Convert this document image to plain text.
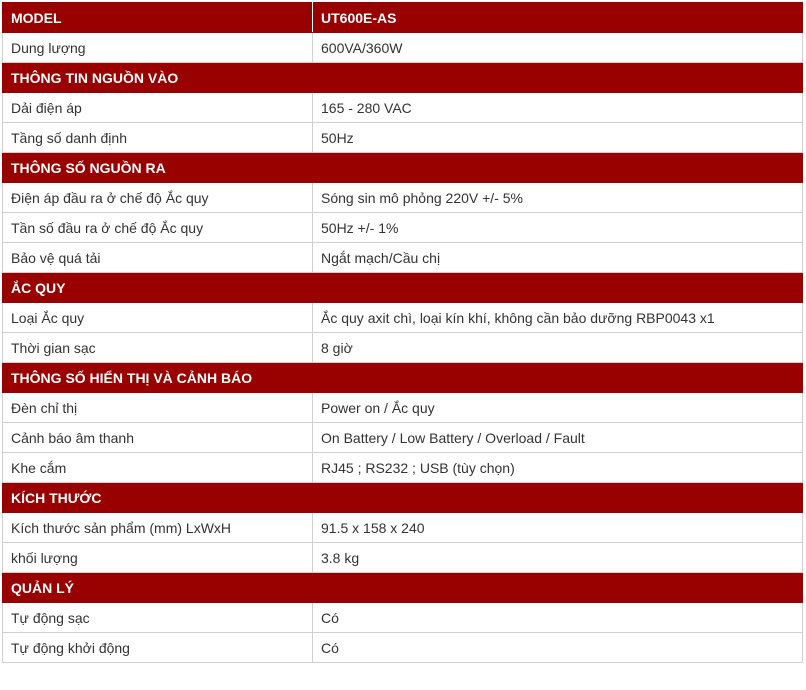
MODEL	UT600E-AS
Dung lượng	600VA/360W
THÔNG TIN NGUỒN VÀO	
Dải điện áp	165 - 280 VAC
Tầng số danh định	50Hz
THÔNG SỐ NGUỒN RA	
Điện áp đầu ra ở chế độ Ắc quy	Sóng sin mô phỏng 220V +/- 5%
Tần số đầu ra ở chế độ Ắc quy	50Hz +/- 1%
Bảo vệ quá tải	Ngắt mạch/Cầu chị
ẮC QUY	
Loại Ắc quy	Ắc quy axit chì, loại kín khí, không cần bảo dưỡng RBP0043 x1
Thời gian sạc	8 giờ
THÔNG SỐ HIỂN THỊ VÀ CẢNH BÁO	
Đèn chỉ thị	Power on / Ắc quy
Cảnh báo âm thanh	On Battery / Low Battery / Overload / Fault
Khe cắm	RJ45 ; RS232 ; USB (tùy chọn)
KÍCH THƯỚC	
Kích thước sản phẩm (mm) LxWxH	91.5 x 158 x 240
khối lượng	3.8 kg
QUẢN LÝ	
Tự động sạc	Có
Tự động khởi động	Có
